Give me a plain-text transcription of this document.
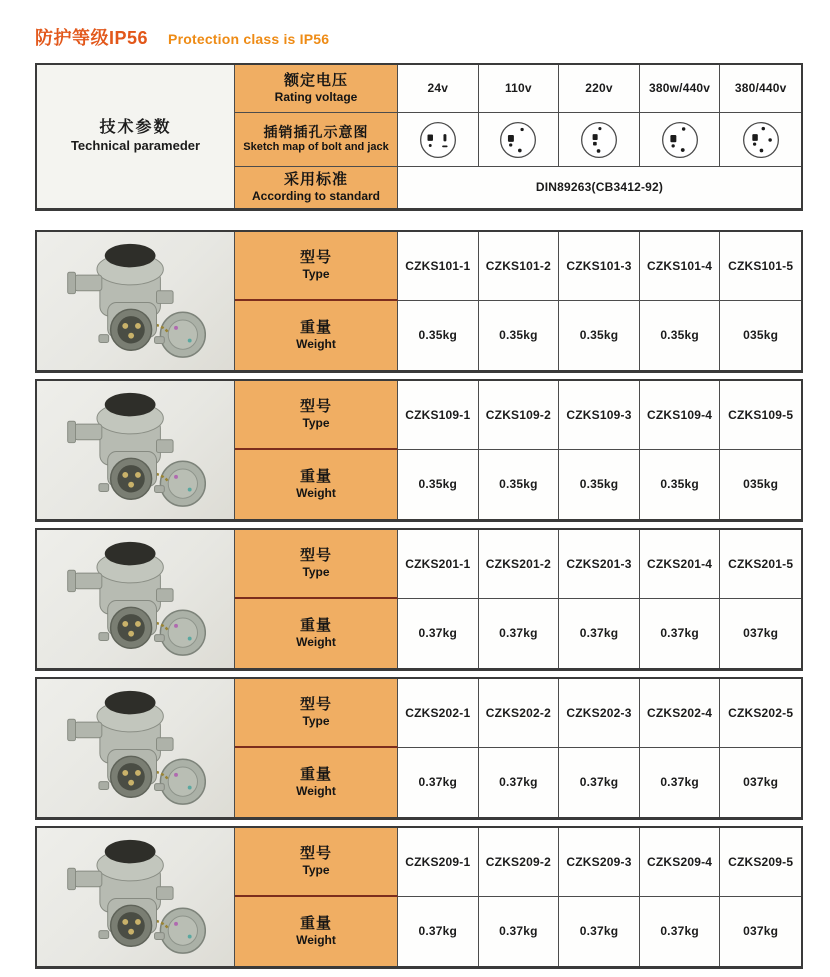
防护等级IP56 Protection class is IP56
技术参数
Technical parameder
额定电压
Rating voltage
24v	110v	220v	380w/440v	380/440v
插销插孔示意图
Sketch map of bolt and jack
采用标准
According to standard
DIN89263(CB3412-92)
型号
Type
CZKS101-1	CZKS101-2	CZKS101-3	CZKS101-4	CZKS101-5
重量
Weight
0.35kg	0.35kg	0.35kg	0.35kg	035kg
型号
Type
CZKS109-1	CZKS109-2	CZKS109-3	CZKS109-4	CZKS109-5
重量
Weight
0.35kg	0.35kg	0.35kg	0.35kg	035kg
型号
Type
CZKS201-1	CZKS201-2	CZKS201-3	CZKS201-4	CZKS201-5
重量
Weight
0.37kg	0.37kg	0.37kg	0.37kg	037kg
型号
Type
CZKS202-1	CZKS202-2	CZKS202-3	CZKS202-4	CZKS202-5
重量
Weight
0.37kg	0.37kg	0.37kg	0.37kg	037kg
型号
Type
CZKS209-1	CZKS209-2	CZKS209-3	CZKS209-4	CZKS209-5
重量
Weight
0.37kg	0.37kg	0.37kg	0.37kg	037kg
